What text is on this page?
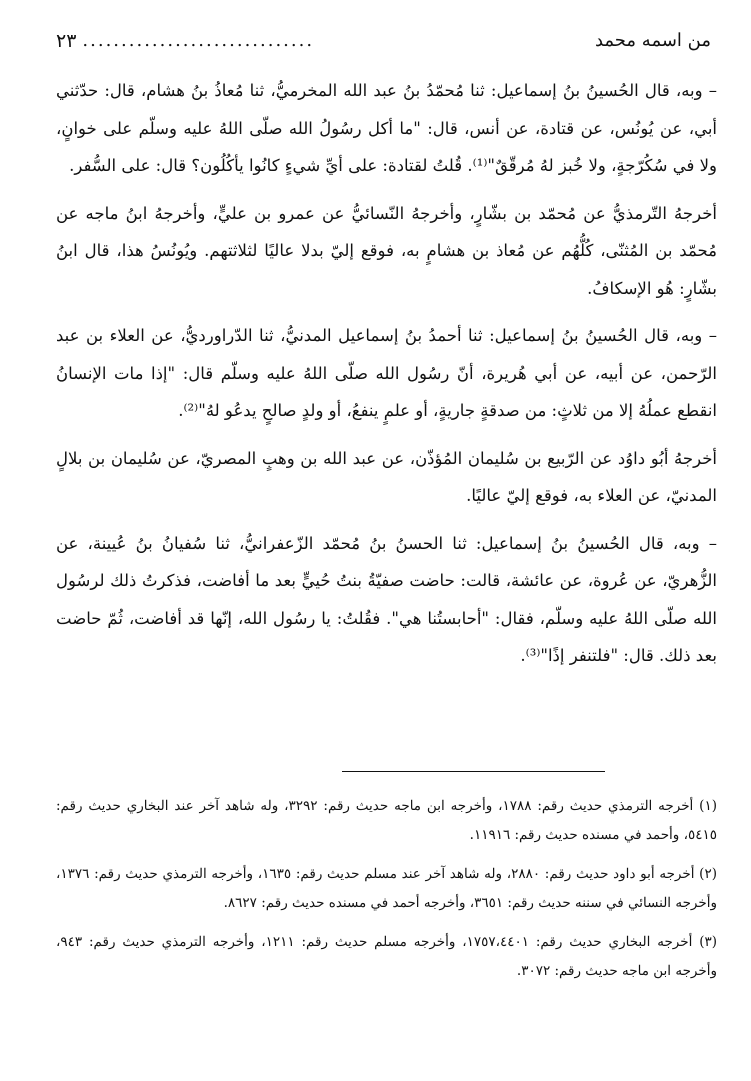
من اسمه محمد
..............................
٢٣

– وبه، قال الحُسينُ بنُ إسماعيل: ثنا مُحمّدُ بنُ عبد الله المخرميُّ، ثنا مُعاذُ بنُ هشام، قال: حدّثني أبي، عن يُونُس، عن قتادة، عن أنس، قال: "ما أكل رسُولُ الله صلّى اللهُ عليه وسلّم على خوانٍ، ولا في سُكُرّجةٍ، ولا خُبز لهُ مُرقّقٌ"⁽¹⁾. قُلتُ لقتادة: على أيِّ شيءٍ كانُوا يأكُلُون؟ قال: على السُّفر.

أخرجهُ التّرمذيُّ عن مُحمّد بن بشّارٍ، وأخرجهُ النّسائيُّ عن عمرو بن عليٍّ، وأخرجهُ ابنُ ماجه عن مُحمّد بن المُثنّى، كُلُّهُم عن مُعاذ بن هشامٍ به، فوقع إليّ بدلا عاليًا لثلاثتهم. ويُونُسُ هذا، قال ابنُ بشّارٍ: هُو الإسكافُ.

– وبه، قال الحُسينُ بنُ إسماعيل: ثنا أحمدُ بنُ إسماعيل المدنيُّ، ثنا الدّراورديُّ، عن العلاء بن عبد الرّحمن، عن أبيه، عن أبي هُريرة، أنّ رسُول الله صلّى اللهُ عليه وسلّم قال: "إذا مات الإنسانُ انقطع عملُهُ إلا من ثلاثٍ: من صدقةٍ جاريةٍ، أو علمٍ ينفعُ، أو ولدٍ صالحٍ يدعُو لهُ"⁽²⁾.

أخرجهُ أبُو داوُد عن الرّبيع بن سُليمان المُؤذّن، عن عبد الله بن وهبٍ المصريّ، عن سُليمان بن بلالٍ المدنيّ، عن العلاء به، فوقع إليّ عاليًا.

– وبه، قال الحُسينُ بنُ إسماعيل: ثنا الحسنُ بنُ مُحمّد الزّعفرانيُّ، ثنا سُفيانُ بنُ عُيينة، عن الزُّهريّ، عن عُروة، عن عائشة، قالت: حاضت صفيّةُ بنتُ حُييٍّ بعد ما أفاضت، فذكرتُ ذلك لرسُول الله صلّى اللهُ عليه وسلّم، فقال: "أحابستُنا هي". فقُلتُ: يا رسُول الله، إنّها قد أفاضت، ثُمّ حاضت بعد ذلك. قال: "فلتنفر إذًا"⁽³⁾.

(١) أخرجه الترمذي حديث رقم: ١٧٨٨، وأخرجه ابن ماجه حديث رقم: ٣٢٩٢، وله شاهد آخر عند البخاري حديث رقم: ٥٤١٥، وأحمد في مسنده حديث رقم: ١١٩١٦.

(٢) أخرجه أبو داود حديث رقم: ٢٨٨٠، وله شاهد آخر عند مسلم حديث رقم: ١٦٣٥، وأخرجه الترمذي حديث رقم: ١٣٧٦، وأخرجه النسائي في سننه حديث رقم: ٣٦٥١، وأخرجه أحمد في مسنده حديث رقم: ٨٦٢٧.

(٣) أخرجه البخاري حديث رقم: ١٧٥٧،٤٤٠١، وأخرجه مسلم حديث رقم: ١٢١١، وأخرجه الترمذي حديث رقم: ٩٤٣، وأخرجه ابن ماجه حديث رقم: ٣٠٧٢.
